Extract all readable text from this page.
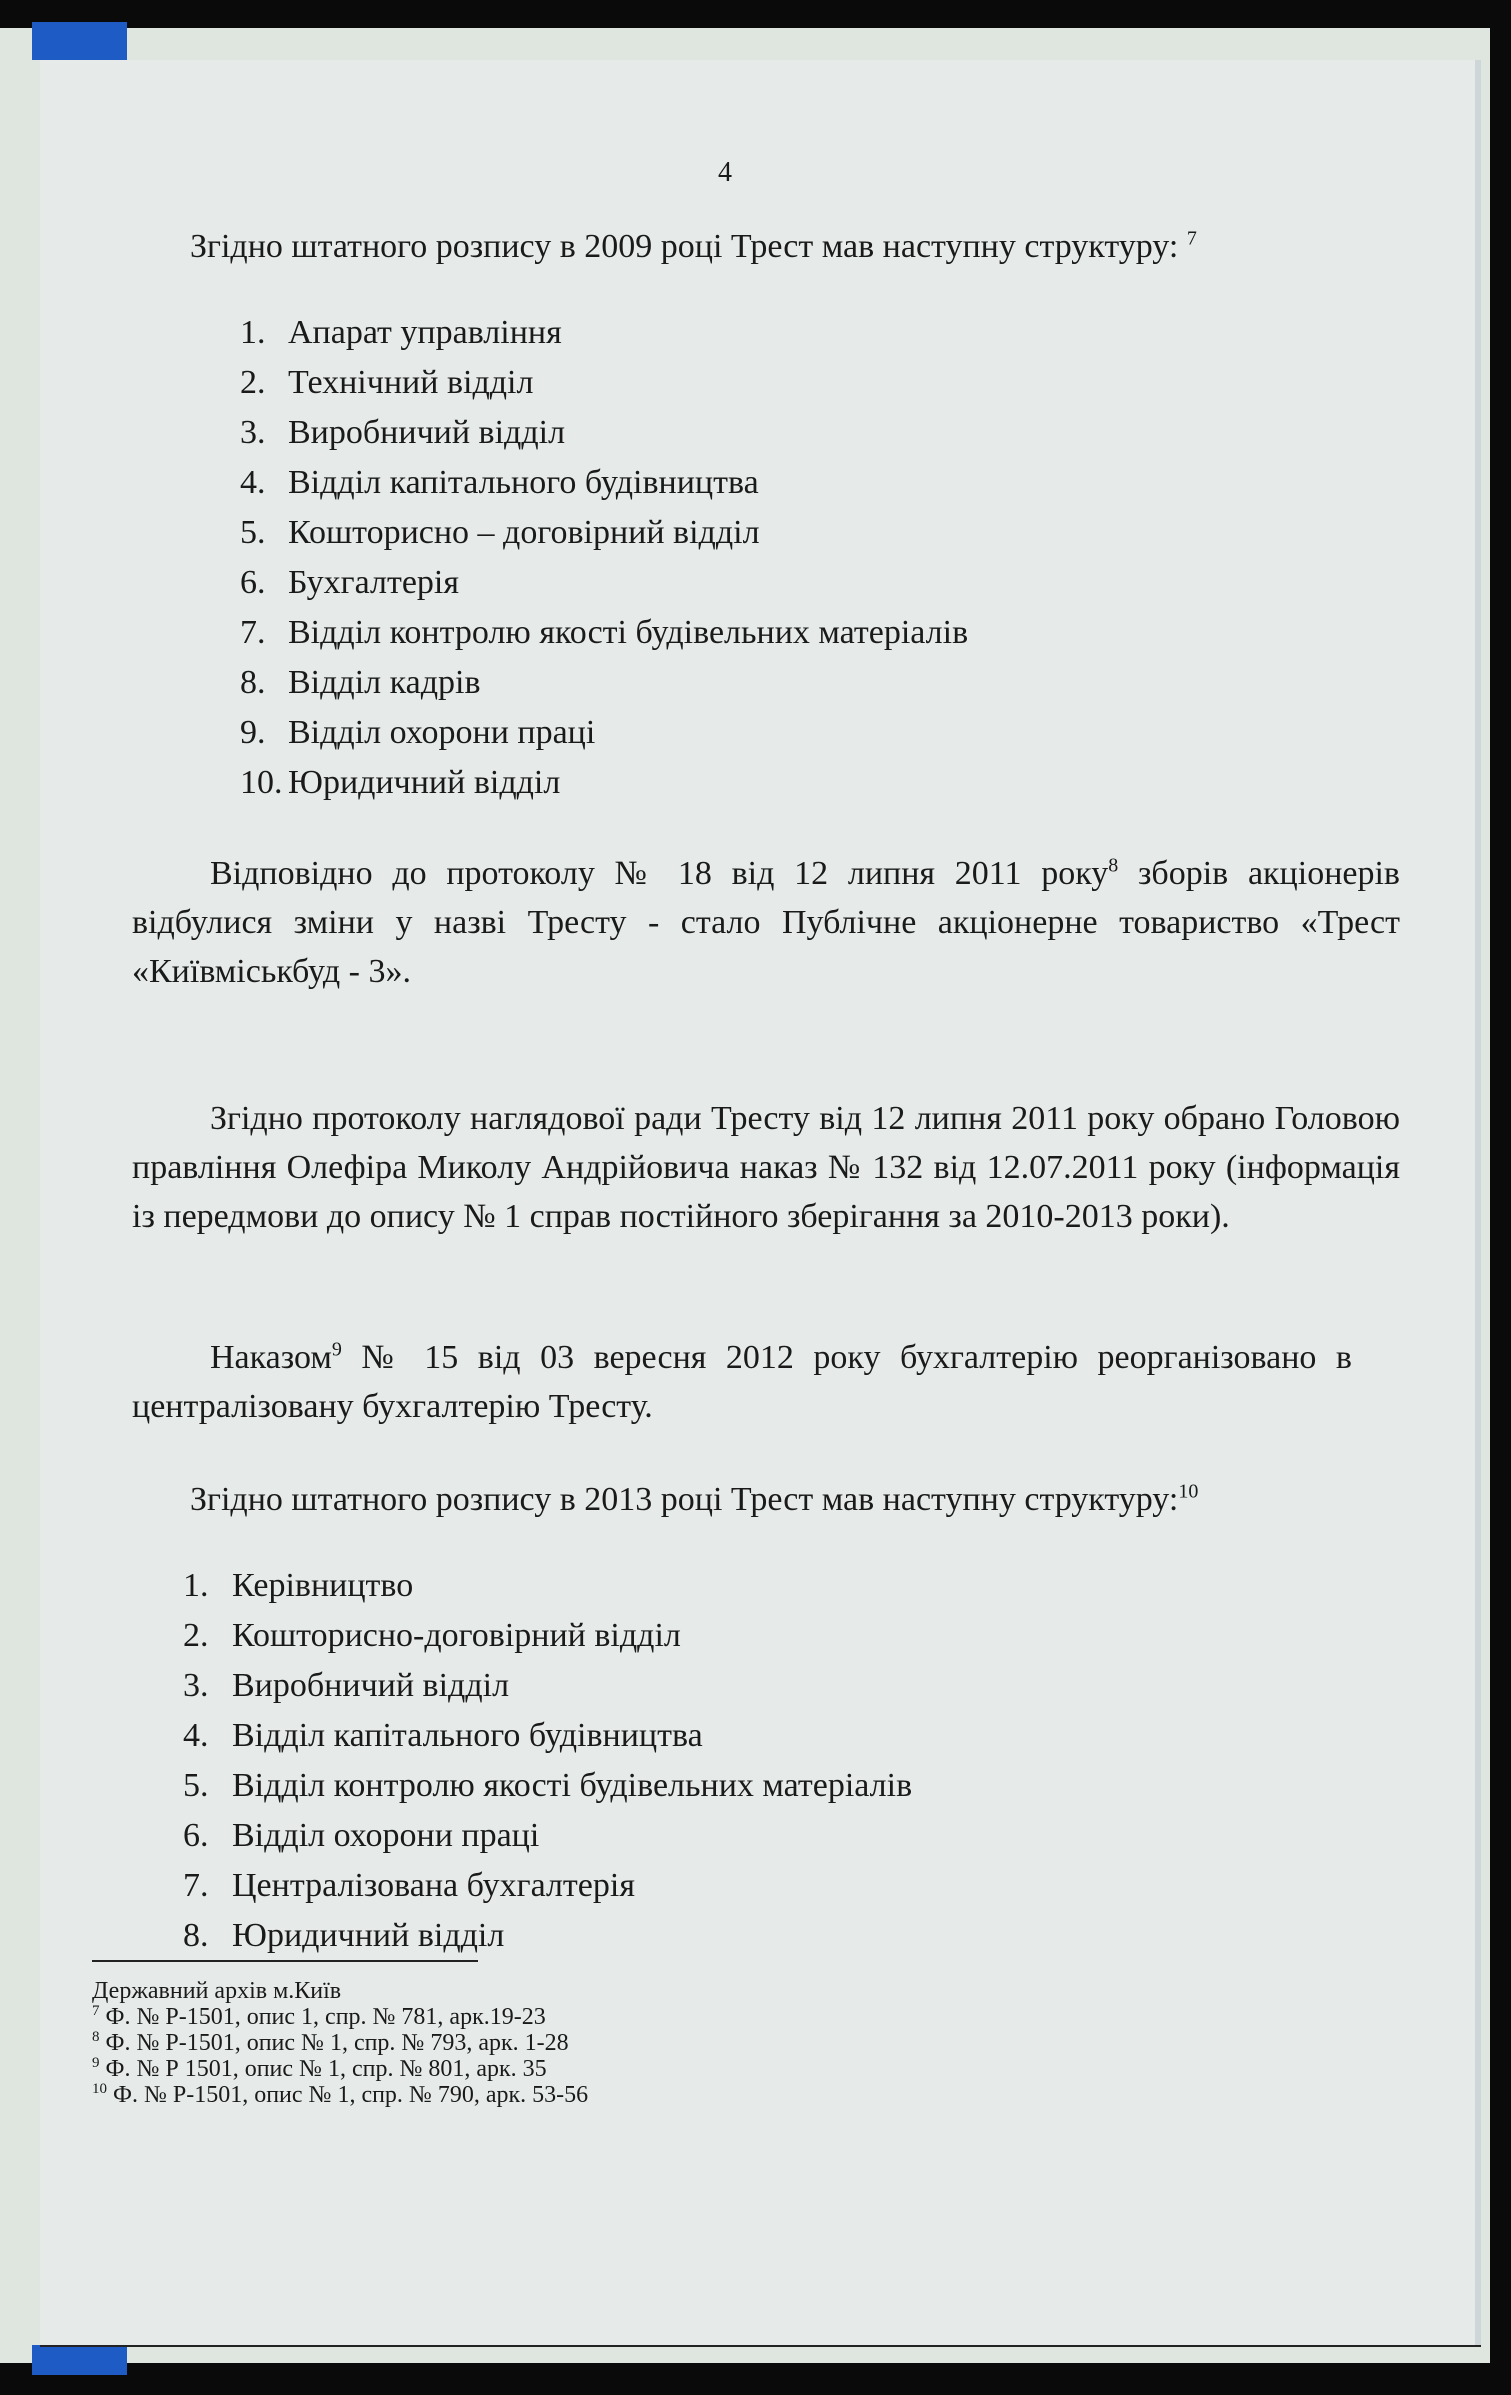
4
Згідно штатного розпису в 2009 році Трест мав наступну структуру: $^7$
1. Апарат управління
2. Технічний відділ
3. Виробничий відділ
4. Відділ капітального будівництва
5. Кошторисно – договірний відділ
6. Бухгалтерія
7. Відділ контролю якості будівельних матеріалів
8. Відділ кадрів
9. Відділ охорони праці
10. Юридичний відділ
Відповідно до протоколу № 18 від 12 липня 2011 року$^8$ зборів акціонерів відбулися зміни у назві Тресту - стало Публічне акціонерне товариство «Трест «Київміськбуд - 3».
Згідно протоколу наглядової ради Тресту від 12 липня 2011 року обрано Головою правління Олефіра Миколу Андрійовича наказ № 132 від 12.07.2011 року (інформація із передмови до опису № 1 справ постійного зберігання за 2010-2013 роки).
Наказом$^9$ № 15 від 03 вересня 2012 року бухгалтерію реорганізовано в централізовану бухгалтерію Тресту.
Згідно штатного розпису в 2013 році Трест мав наступну структуру:$^{10}$
1. Керівництво
2. Кошторисно-договірний відділ
3. Виробничий відділ
4. Відділ капітального будівництва
5. Відділ контролю якості будівельних матеріалів
6. Відділ охорони праці
7. Централізована бухгалтерія
8. Юридичний відділ
Державний архів м.Київ
$^7$ Ф. № Р-1501, опис 1, спр. № 781, арк.19-23
$^8$ Ф. № Р-1501, опис № 1, спр. № 793, арк. 1-28
$^9$ Ф. № Р 1501, опис № 1, спр. № 801, арк. 35
$^{10}$ Ф. № Р-1501, опис № 1, спр. № 790, арк. 53-56
